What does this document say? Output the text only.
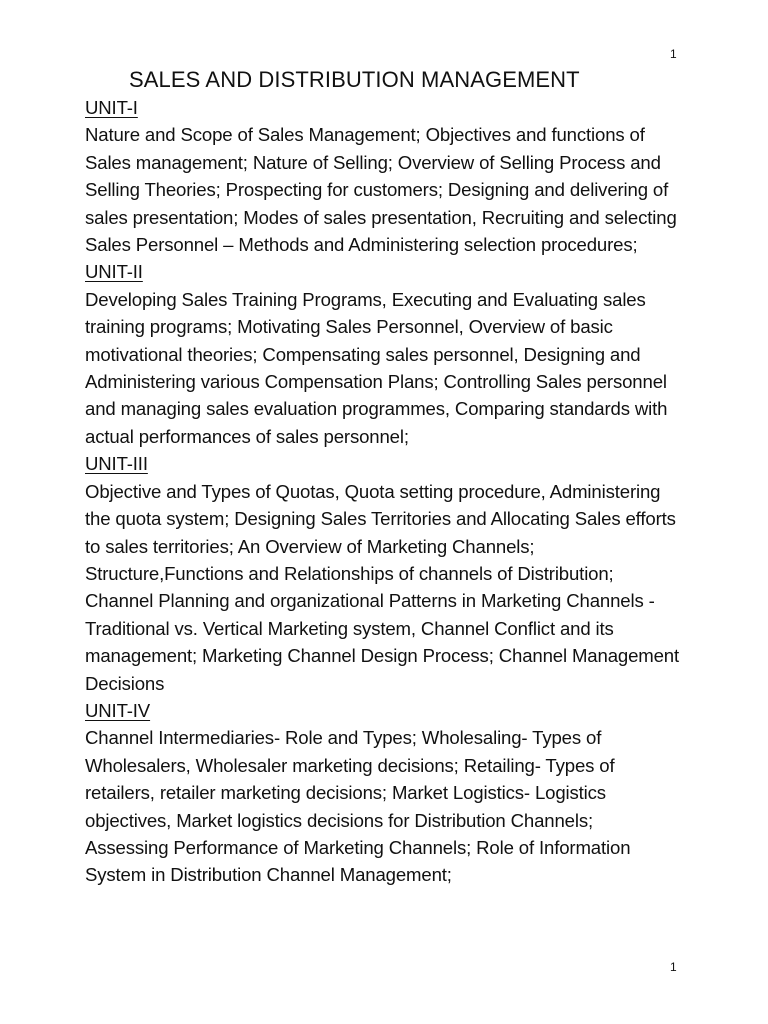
1
SALES AND DISTRIBUTION MANAGEMENT
UNIT-I

Nature and Scope of Sales Management; Objectives and functions of
Sales management; Nature of Selling; Overview of Selling Process and
Selling Theories; Prospecting for customers; Designing and delivering of
sales presentation; Modes of sales presentation, Recruiting and selecting
Sales Personnel – Methods and Administering selection procedures;

UNIT-II

Developing Sales Training Programs, Executing and Evaluating sales
training programs; Motivating Sales Personnel, Overview of basic
motivational theories; Compensating sales personnel, Designing and
Administering various Compensation Plans; Controlling Sales personnel
and managing sales evaluation programmes, Comparing standards with
actual performances of sales personnel;

UNIT-III

Objective and Types of Quotas, Quota setting procedure, Administering
the quota system; Designing Sales Territories and Allocating Sales efforts
to sales territories; An Overview of Marketing Channels;
Structure,Functions and Relationships of channels of Distribution;
Channel Planning and organizational Patterns in Marketing Channels -
Traditional vs. Vertical Marketing system, Channel Conflict and its
management; Marketing Channel Design Process; Channel Management
Decisions

UNIT-IV

Channel Intermediaries- Role and Types; Wholesaling- Types of
Wholesalers, Wholesaler marketing decisions; Retailing- Types of
retailers, retailer marketing decisions; Market Logistics- Logistics
objectives, Market logistics decisions for Distribution Channels;
Assessing Performance of Marketing Channels; Role of Information
System in Distribution Channel Management;

1
